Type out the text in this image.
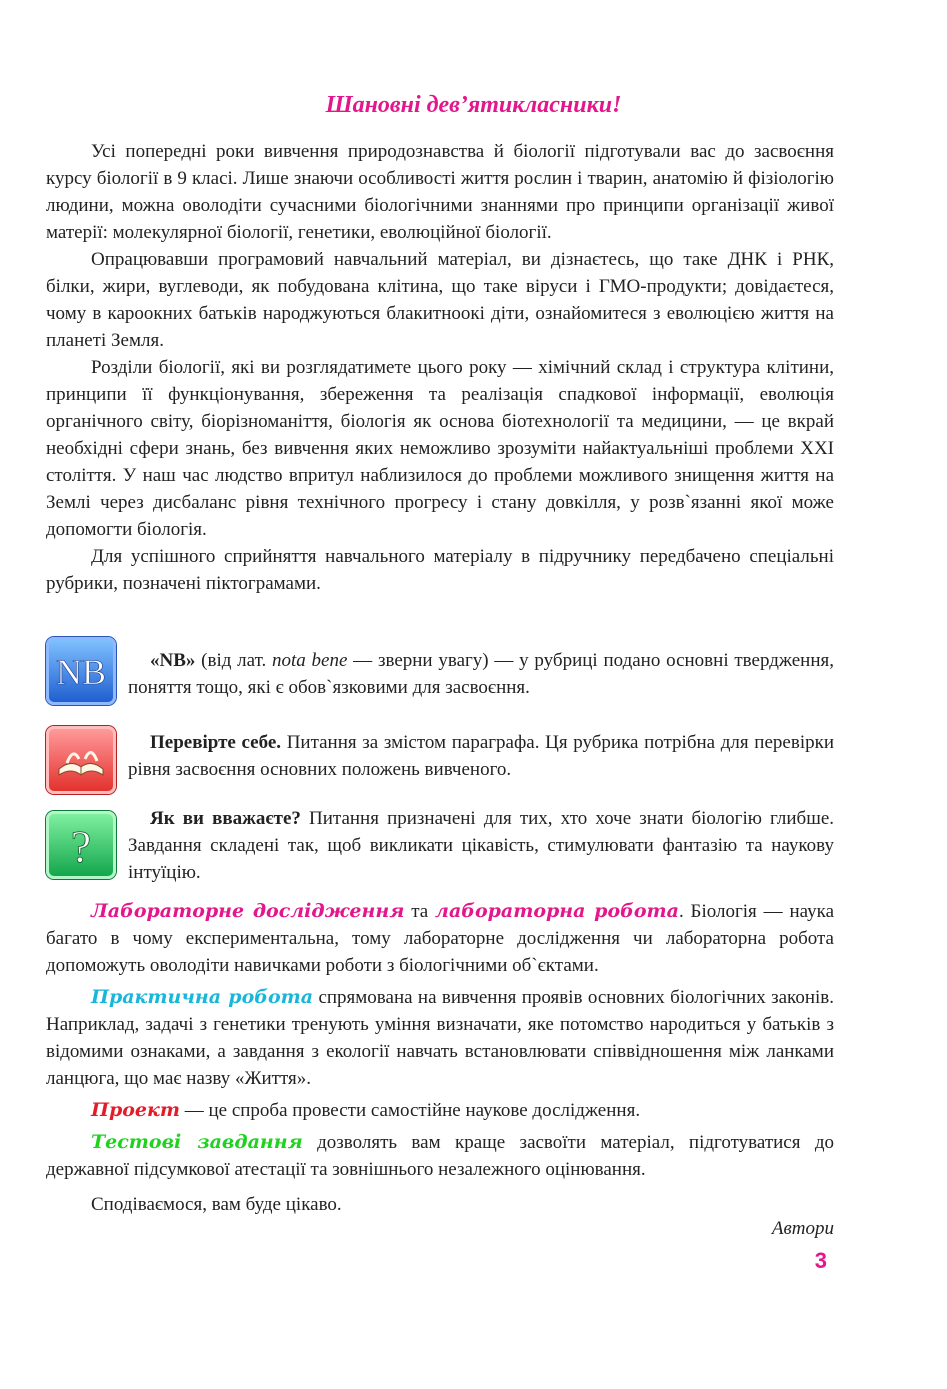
Шановні дев’ятикласники!

Усі попередні роки вивчення природознавства й біології підготували вас до засвоєння курсу біології в 9 класі. Лише знаючи особливості життя рослин і тварин, анатомію й фізіологію людини, можна оволодіти сучасними біологічними знаннями про принципи організації живої матерії: молекулярної біології, генетики, еволюційної біології.

Опрацювавши програмовий навчальний матеріал, ви дізнаєтесь, що таке ДНК і РНК, білки, жири, вуглеводи, як побудована клітина, що таке віруси і ГМО-продукти; довідаєтеся, чому в кароокних батьків народжуються блакитноокі діти, ознайомитеся з еволюцією життя на планеті Земля.

Розділи біології, які ви розглядатимете цього року — хімічний склад і структура клітини, принципи її функціонування, збереження та реалізація спадкової інформації, еволюція органічного світу, біорізноманіття, біологія як основа біотехнології та медицини, — це вкрай необхідні сфери знань, без вивчення яких неможливо зрозуміти найактуальніші проблеми XXI століття. У наш час людство впритул наблизилося до проблеми можливого знищення життя на Землі через дисбаланс рівня технічного прогресу і стану довкілля, у розв`язанні якої може допомогти біологія.

Для успішного сприйняття навчального матеріалу в підручнику передбачено спеціальні рубрики, позначені піктограмами.

NB	«NB» (від лат. nota bene — зверни увагу) — у рубриці подано основні твердження, поняття тощо, які є обов`язковими для засвоєння.

Перевірте себе. Питання за змістом параграфа. Ця рубрика потрібна для перевірки рівня засвоєння основних положень вивченого.

?

Як ви вважаєте? Питання призначені для тих, хто хоче знати біологію глибше. Завдання складені так, щоб викликати цікавість, стимулювати фантазію та наукову інтуїцію.

Лабораторне дослідження та лабораторна робота. Біологія — наука багато в чому експериментальна, тому лабораторне дослідження чи лабораторна робота допоможуть оволодіти навичками роботи з біологічними об`єктами.

Практична робота спрямована на вивчення проявів основних біологічних законів. Наприклад, задачі з генетики тренують уміння визначати, яке потомство народиться у батьків з відомими ознаками, а завдання з екології навчать встановлювати співвідношення між ланками ланцюга, що має назву «Життя».

Проект — це спроба провести самостійне наукове дослідження.

Тестові завдання дозволять вам краще засвоїти матеріал, підготуватися до державної підсумкової атестації та зовнішнього незалежного оцінювання.

Сподіваємося, вам буде цікаво.

Автори
3
